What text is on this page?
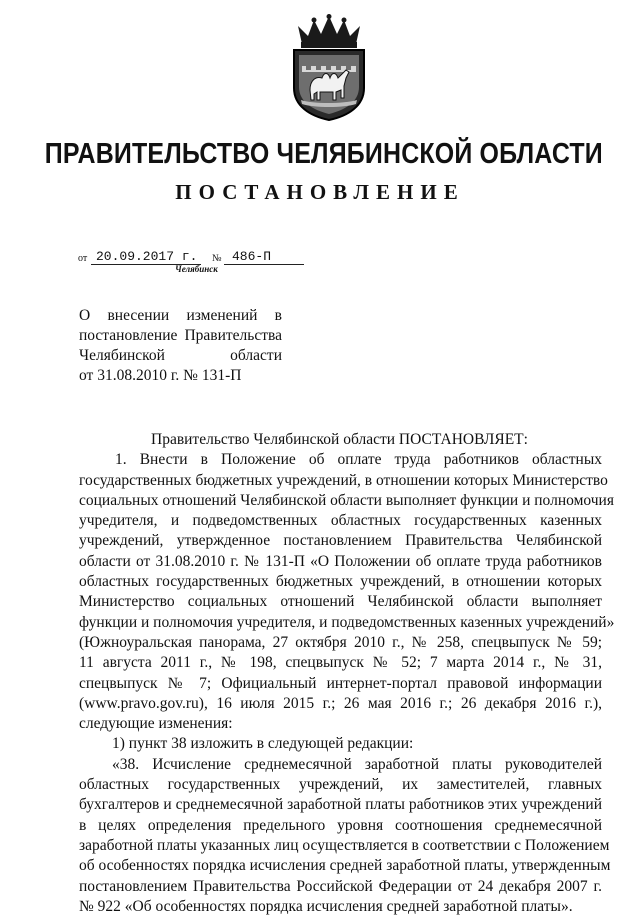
ПРАВИТЕЛЬСТВО ЧЕЛЯБИНСКОЙ ОБЛАСТИ
ПОСТАНОВЛЕНИЕ
от 20.09.2017 г. № 486-П
Челябинск
О внесении изменений в
постановление Правительства
Челябинской области
от 31.08.2010 г. № 131-П
Правительство Челябинской области ПОСТАНОВЛЯЕТ:
1. Внести в Положение об оплате труда работников областных
государственных бюджетных учреждений, в отношении которых Министерство
социальных отношений Челябинской области выполняет функции и полномочия
учредителя, и подведомственных областных государственных казенных
учреждений, утвержденное постановлением Правительства Челябинской
области от 31.08.2010 г. № 131-П «О Положении об оплате труда работников
областных государственных бюджетных учреждений, в отношении которых
Министерство социальных отношений Челябинской области выполняет
функции и полномочия учредителя, и подведомственных казенных учреждений»
(Южноуральская панорама, 27 октября 2010 г., № 258, спецвыпуск № 59;
11 августа 2011 г., № 198, спецвыпуск № 52; 7 марта 2014 г., № 31,
спецвыпуск № 7; Официальный интернет-портал правовой информации
(www.pravo.gov.ru), 16 июля 2015 г.; 26 мая 2016 г.; 26 декабря 2016 г.),
следующие изменения:
1) пункт 38 изложить в следующей редакции:
«38. Исчисление среднемесячной заработной платы руководителей
областных государственных учреждений, их заместителей, главных
бухгалтеров и среднемесячной заработной платы работников этих учреждений
в целях определения предельного уровня соотношения среднемесячной
заработной платы указанных лиц осуществляется в соответствии с Положением
об особенностях порядка исчисления средней заработной платы, утвержденным
постановлением Правительства Российской Федерации от 24 декабря 2007 г.
№ 922 «Об особенностях порядка исчисления средней заработной платы».
